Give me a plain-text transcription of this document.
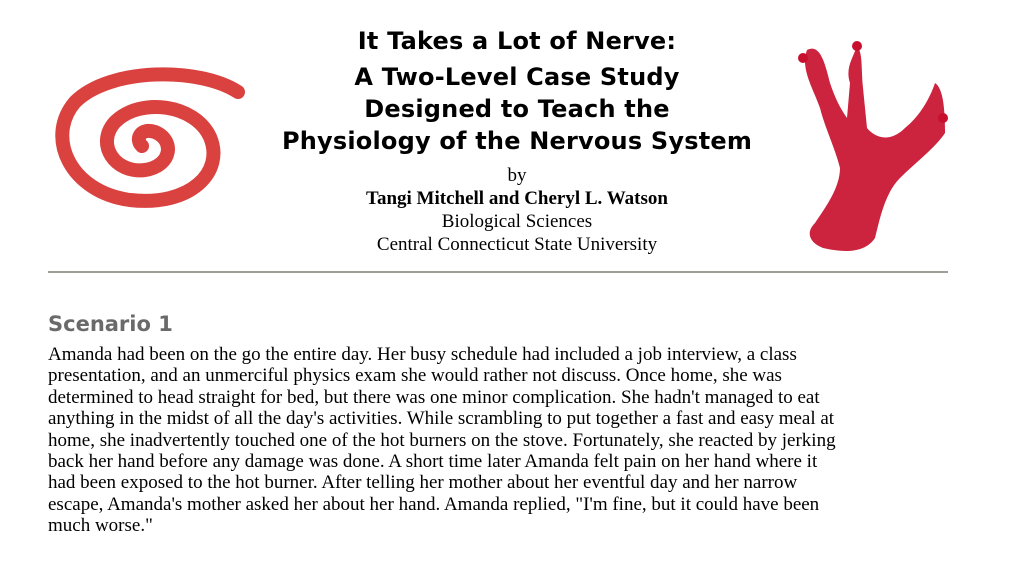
It Takes a Lot of Nerve:
A Two-Level Case Study
Designed to Teach the
Physiology of the Nervous System
by
Tangi Mitchell and Cheryl L. Watson
Biological Sciences
Central Connecticut State University
Scenario 1
Amanda had been on the go the entire day. Her busy schedule had included a job interview, a class
presentation, and an unmerciful physics exam she would rather not discuss. Once home, she was
determined to head straight for bed, but there was one minor complication. She hadn't managed to eat
anything in the midst of all the day's activities. While scrambling to put together a fast and easy meal at
home, she inadvertently touched one of the hot burners on the stove. Fortunately, she reacted by jerking
back her hand before any damage was done. A short time later Amanda felt pain on her hand where it
had been exposed to the hot burner. After telling her mother about her eventful day and her narrow
escape, Amanda's mother asked her about her hand. Amanda replied, "I'm fine, but it could have been
much worse."
